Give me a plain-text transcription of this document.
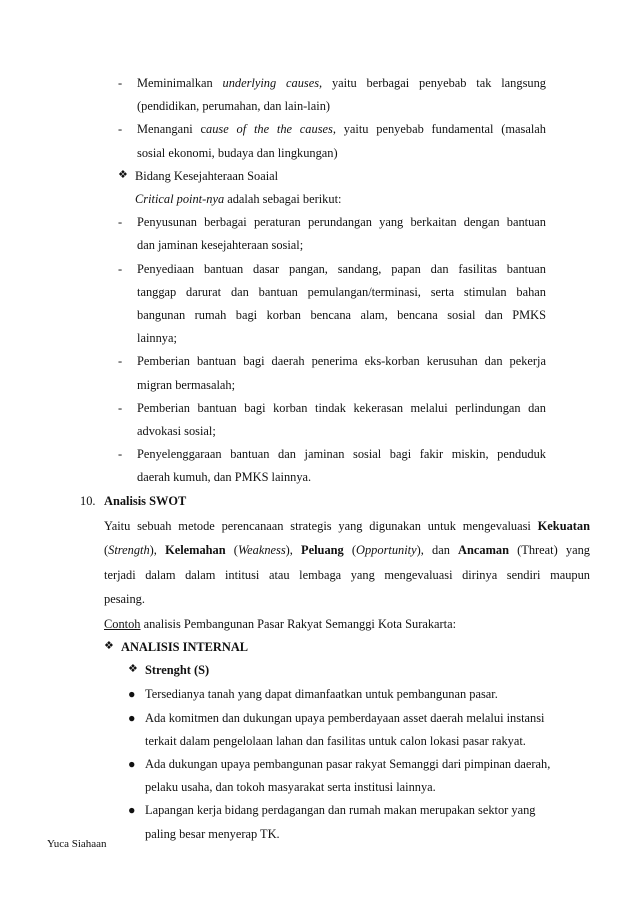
- Meminimalkan underlying causes, yaitu berbagai penyebab tak langsung
(pendidikan, perumahan, dan lain-lain)
- Menangani cause of the the causes, yaitu penyebab fundamental (masalah
sosial ekonomi, budaya dan lingkungan)
❖ Bidang Kesejahteraan Soaial
Critical point-nya adalah sebagai berikut:
- Penyusunan berbagai peraturan perundangan yang berkaitan dengan bantuan
dan jaminan kesejahteraan sosial;
- Penyediaan bantuan dasar pangan, sandang, papan dan fasilitas bantuan
tanggap darurat dan bantuan pemulangan/terminasi, serta stimulan bahan
bangunan rumah bagi korban bencana alam, bencana sosial dan PMKS
lainnya;
- Pemberian bantuan bagi daerah penerima eks-korban kerusuhan dan pekerja
migran bermasalah;
- Pemberian bantuan bagi korban tindak kekerasan melalui perlindungan dan
advokasi sosial;
- Penyelenggaraan bantuan dan jaminan sosial bagi fakir miskin, penduduk
daerah kumuh, dan PMKS lainnya.
10. Analisis SWOT
Yaitu sebuah metode perencanaan strategis yang digunakan untuk mengevaluasi Kekuatan
(Strength), Kelemahan (Weakness), Peluang (Opportunity), dan Ancaman (Threat) yang
terjadi dalam dalam intitusi atau lembaga yang mengevaluasi dirinya sendiri maupun
pesaing.
Contoh analisis Pembangunan Pasar Rakyat Semanggi Kota Surakarta:
❖ ANALISIS INTERNAL
❖ Strenght (S)
● Tersedianya tanah yang dapat dimanfaatkan untuk pembangunan pasar.
● Ada komitmen dan dukungan upaya pemberdayaan asset daerah melalui instansi
terkait dalam pengelolaan lahan dan fasilitas untuk calon lokasi pasar rakyat.
● Ada dukungan upaya pembangunan pasar rakyat Semanggi dari pimpinan daerah,
pelaku usaha, dan tokoh masyarakat serta institusi lainnya.
● Lapangan kerja bidang perdagangan dan rumah makan merupakan sektor yang
paling besar menyerap TK.
Yuca Siahaan
